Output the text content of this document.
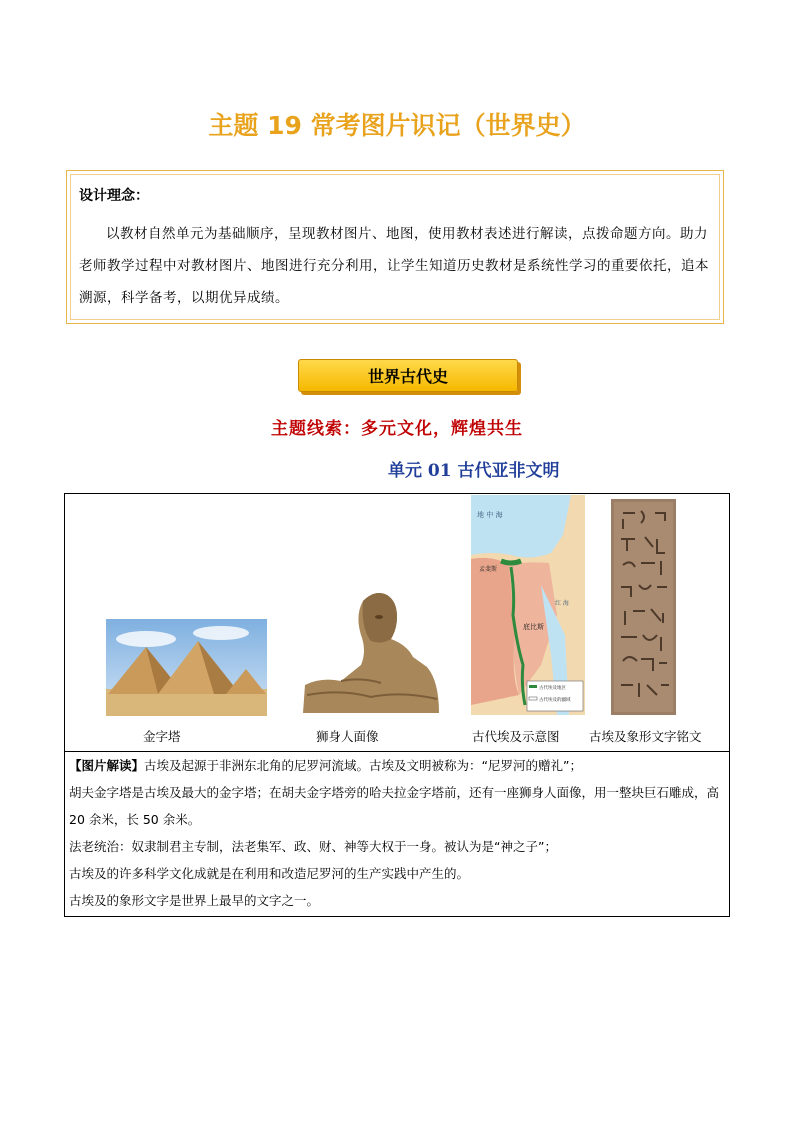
主题 19 常考图片识记（世界史）
设计理念：
以教材自然单元为基础顺序，呈现教材图片、地图，使用教材表述进行解读，点拨命题方向。助力老师教学过程中对教材图片、地图进行充分利用，让学生知道历史教材是系统性学习的重要依托，追本溯源，科学备考，以期优异成绩。
世界古代史
主题线索：多元文化，辉煌共生
单元 01 古代亚非文明
金字塔	狮身人面像
地 中 海
孟斐斯
底比斯
红 海
古代埃及地区
古代埃及的疆域
古代埃及示意图 古埃及象形文字铭文

【图片解读】古埃及起源于非洲东北角的尼罗河流域。古埃及文明被称为：“尼罗河的赠礼”；

胡夫金字塔是古埃及最大的金字塔；在胡夫金字塔旁的哈夫拉金字塔前，还有一座狮身人面像，用一整块巨石雕成，高 20 余米，长 50 余米。

法老统治：奴隶制君主专制，法老集军、政、财、神等大权于一身。被认为是“神之子”；

古埃及的许多科学文化成就是在利用和改造尼罗河的生产实践中产生的。

古埃及的象形文字是世界上最早的文字之一。
